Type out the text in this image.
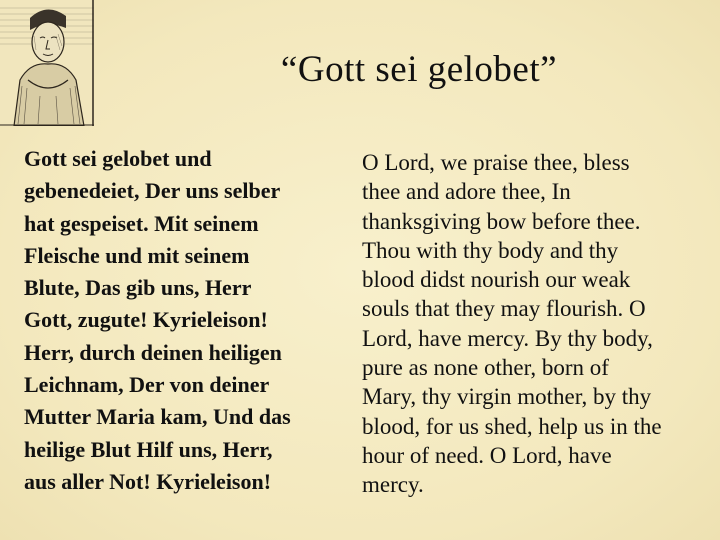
“Gott sei gelobet”
Gott sei gelobet und
gebenedeiet, Der uns selber
hat gespeiset. Mit seinem
Fleische und mit seinem
Blute, Das gib uns, Herr
Gott, zugute! Kyrieleison!
Herr, durch deinen heiligen
Leichnam, Der von deiner
Mutter Maria kam, Und das
heilige Blut Hilf uns, Herr,
aus aller Not! Kyrieleison!
O Lord, we praise thee, bless
thee and adore thee, In
thanksgiving bow before thee.
Thou with thy body and thy
blood didst nourish our weak
souls that they may flourish. O
Lord, have mercy. By thy body,
pure as none other, born of
Mary, thy virgin mother, by thy
blood, for us shed, help us in the
hour of need. O Lord, have
mercy.
